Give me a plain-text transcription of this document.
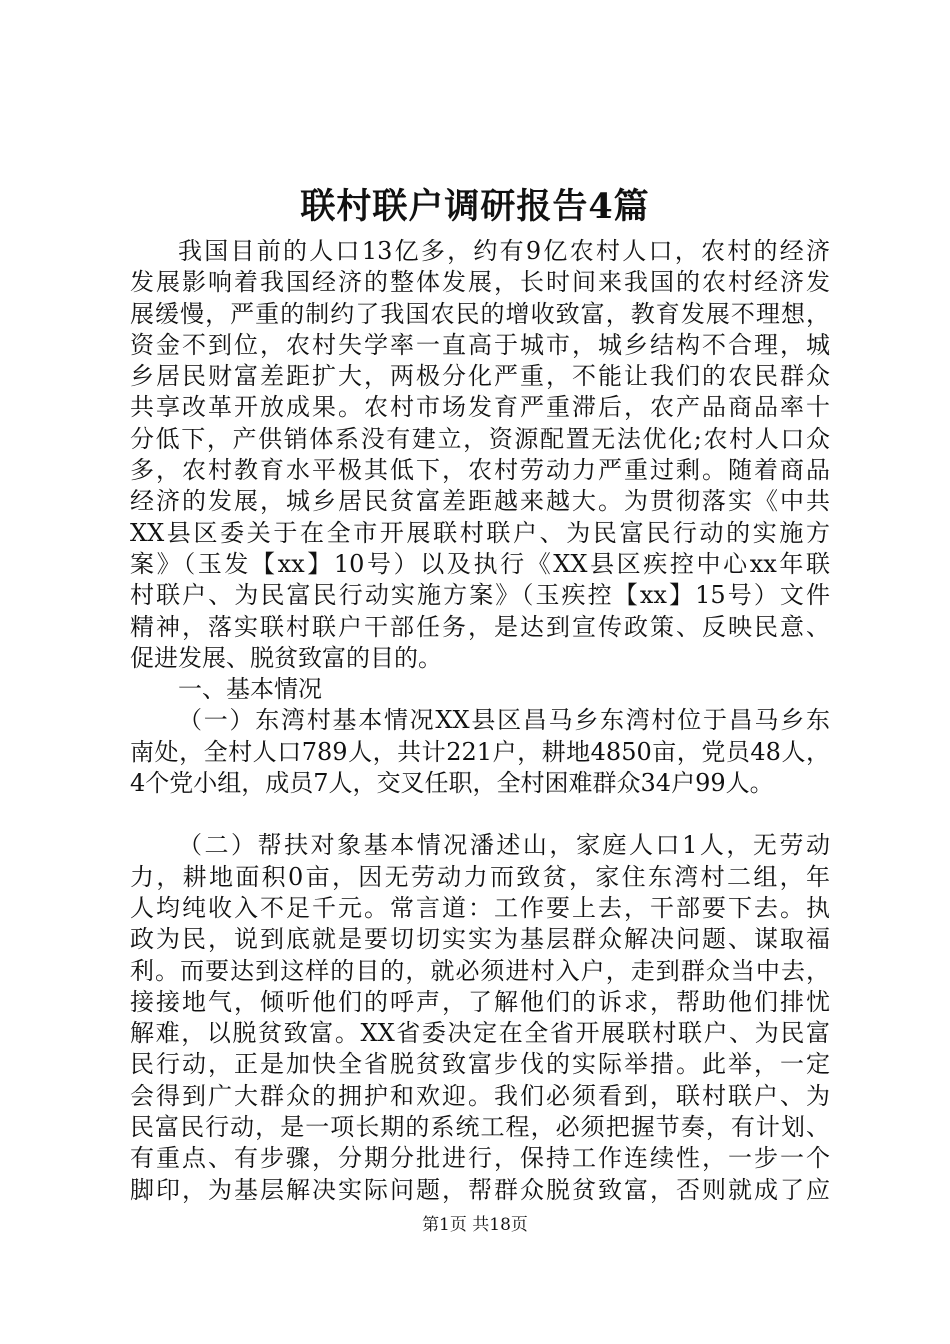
联村联户调研报告4篇
我国目前的人口13亿多，约有9亿农村人口，农村的经济
发展影响着我国经济的整体发展，长时间来我国的农村经济发
展缓慢，严重的制约了我国农民的增收致富，教育发展不理想，
资金不到位，农村失学率一直高于城市，城乡结构不合理，城
乡居民财富差距扩大，两极分化严重，不能让我们的农民群众
共享改革开放成果。农村市场发育严重滞后，农产品商品率十
分低下，产供销体系没有建立，资源配置无法优化;农村人口众
多，农村教育水平极其低下，农村劳动力严重过剩。随着商品
经济的发展，城乡居民贫富差距越来越大。为贯彻落实《中共
XX县区委关于在全市开展联村联户、为民富民行动的实施方
案》（玉发【xx】10号）以及执行《XX县区疾控中心xx年联
村联户、为民富民行动实施方案》（玉疾控【xx】15号）文件
精神，落实联村联户干部任务，是达到宣传政策、反映民意、
促进发展、脱贫致富的目的。
一、基本情况
（一）东湾村基本情况XX县区昌马乡东湾村位于昌马乡东
南处，全村人口789人，共计221户，耕地4850亩，党员48人，
4个党小组，成员7人，交叉任职，全村困难群众34户99人。
（二）帮扶对象基本情况潘述山，家庭人口1人，无劳动
力，耕地面积0亩，因无劳动力而致贫，家住东湾村二组，年
人均纯收入不足千元。常言道：工作要上去，干部要下去。执
政为民，说到底就是要切切实实为基层群众解决问题、谋取福
利。而要达到这样的目的，就必须进村入户，走到群众当中去，
接接地气，倾听他们的呼声，了解他们的诉求，帮助他们排忧
解难，以脱贫致富。XX省委决定在全省开展联村联户、为民富
民行动，正是加快全省脱贫致富步伐的实际举措。此举，一定
会得到广大群众的拥护和欢迎。我们必须看到，联村联户、为
民富民行动，是一项长期的系统工程，必须把握节奏，有计划、
有重点、有步骤，分期分批进行，保持工作连续性，一步一个
脚印，为基层解决实际问题，帮群众脱贫致富，否则就成了应
第1页 共18页
